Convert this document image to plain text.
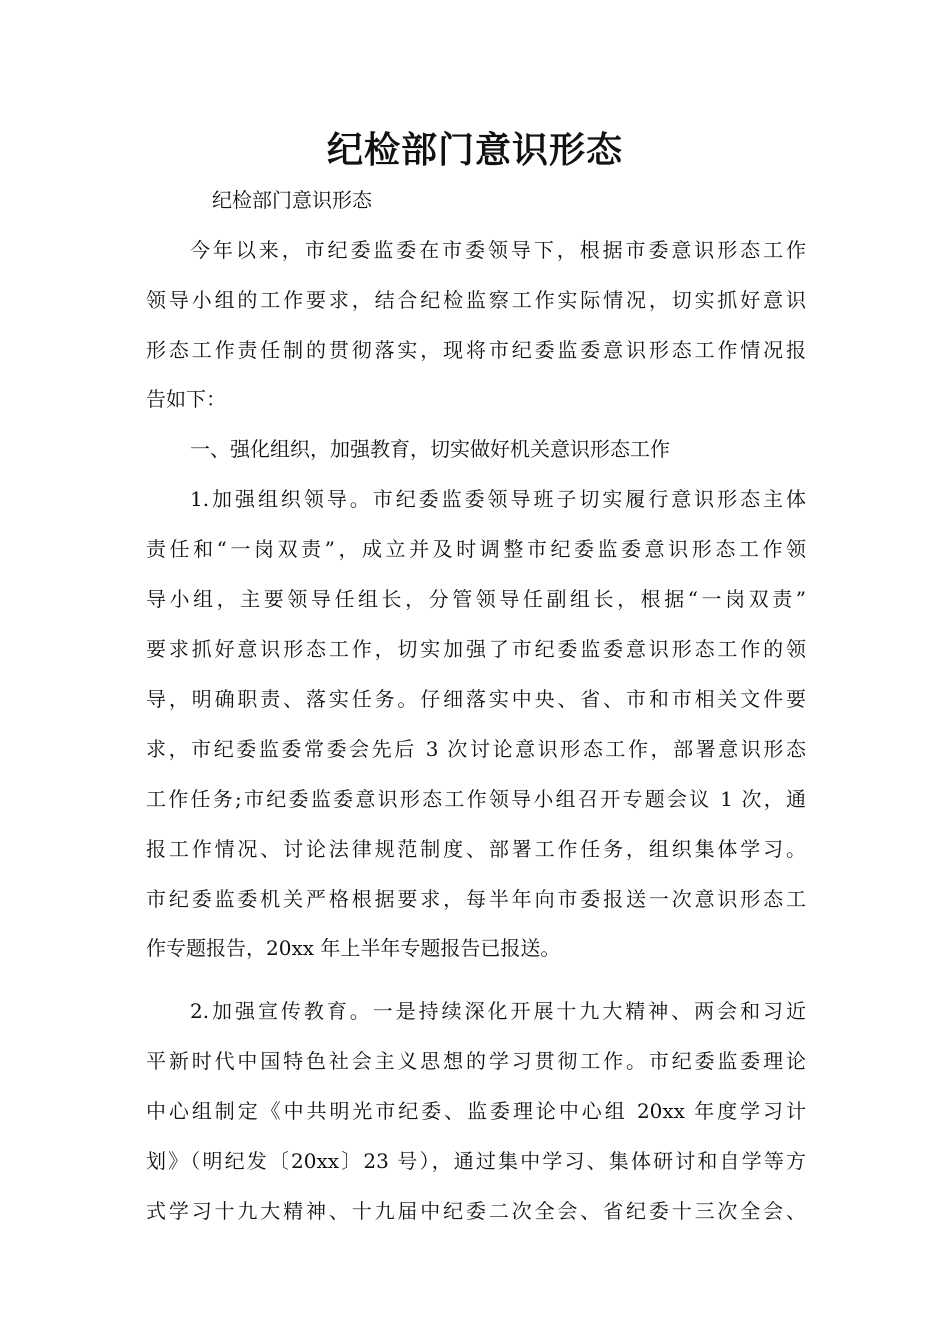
纪检部门意识形态

纪检部门意识形态

今年以来，市纪委监委在市委领导下，根据市委意识形态工作

领导小组的工作要求，结合纪检监察工作实际情况，切实抓好意识

形态工作责任制的贯彻落实，现将市纪委监委意识形态工作情况报

告如下：

一、强化组织，加强教育，切实做好机关意识形态工作

1.加强组织领导。市纪委监委领导班子切实履行意识形态主体

责任和“一岗双责”，成立并及时调整市纪委监委意识形态工作领

导小组，主要领导任组长，分管领导任副组长，根据“一岗双责”

要求抓好意识形态工作，切实加强了市纪委监委意识形态工作的领

导，明确职责、落实任务。仔细落实中央、省、市和市相关文件要

求，市纪委监委常委会先后 3 次讨论意识形态工作，部署意识形态

工作任务;市纪委监委意识形态工作领导小组召开专题会议 1 次，通

报工作情况、讨论法律规范制度、部署工作任务，组织集体学习。

市纪委监委机关严格根据要求，每半年向市委报送一次意识形态工

作专题报告，20xx 年上半年专题报告已报送。

2.加强宣传教育。一是持续深化开展十九大精神、两会和习近

平新时代中国特色社会主义思想的学习贯彻工作。市纪委监委理论

中心组制定《中共明光市纪委、监委理论中心组 20xx 年度学习计

划》（明纪发〔20xx〕23 号），通过集中学习、集体研讨和自学等方

式学习十九大精神、十九届中纪委二次全会、省纪委十三次全会、
